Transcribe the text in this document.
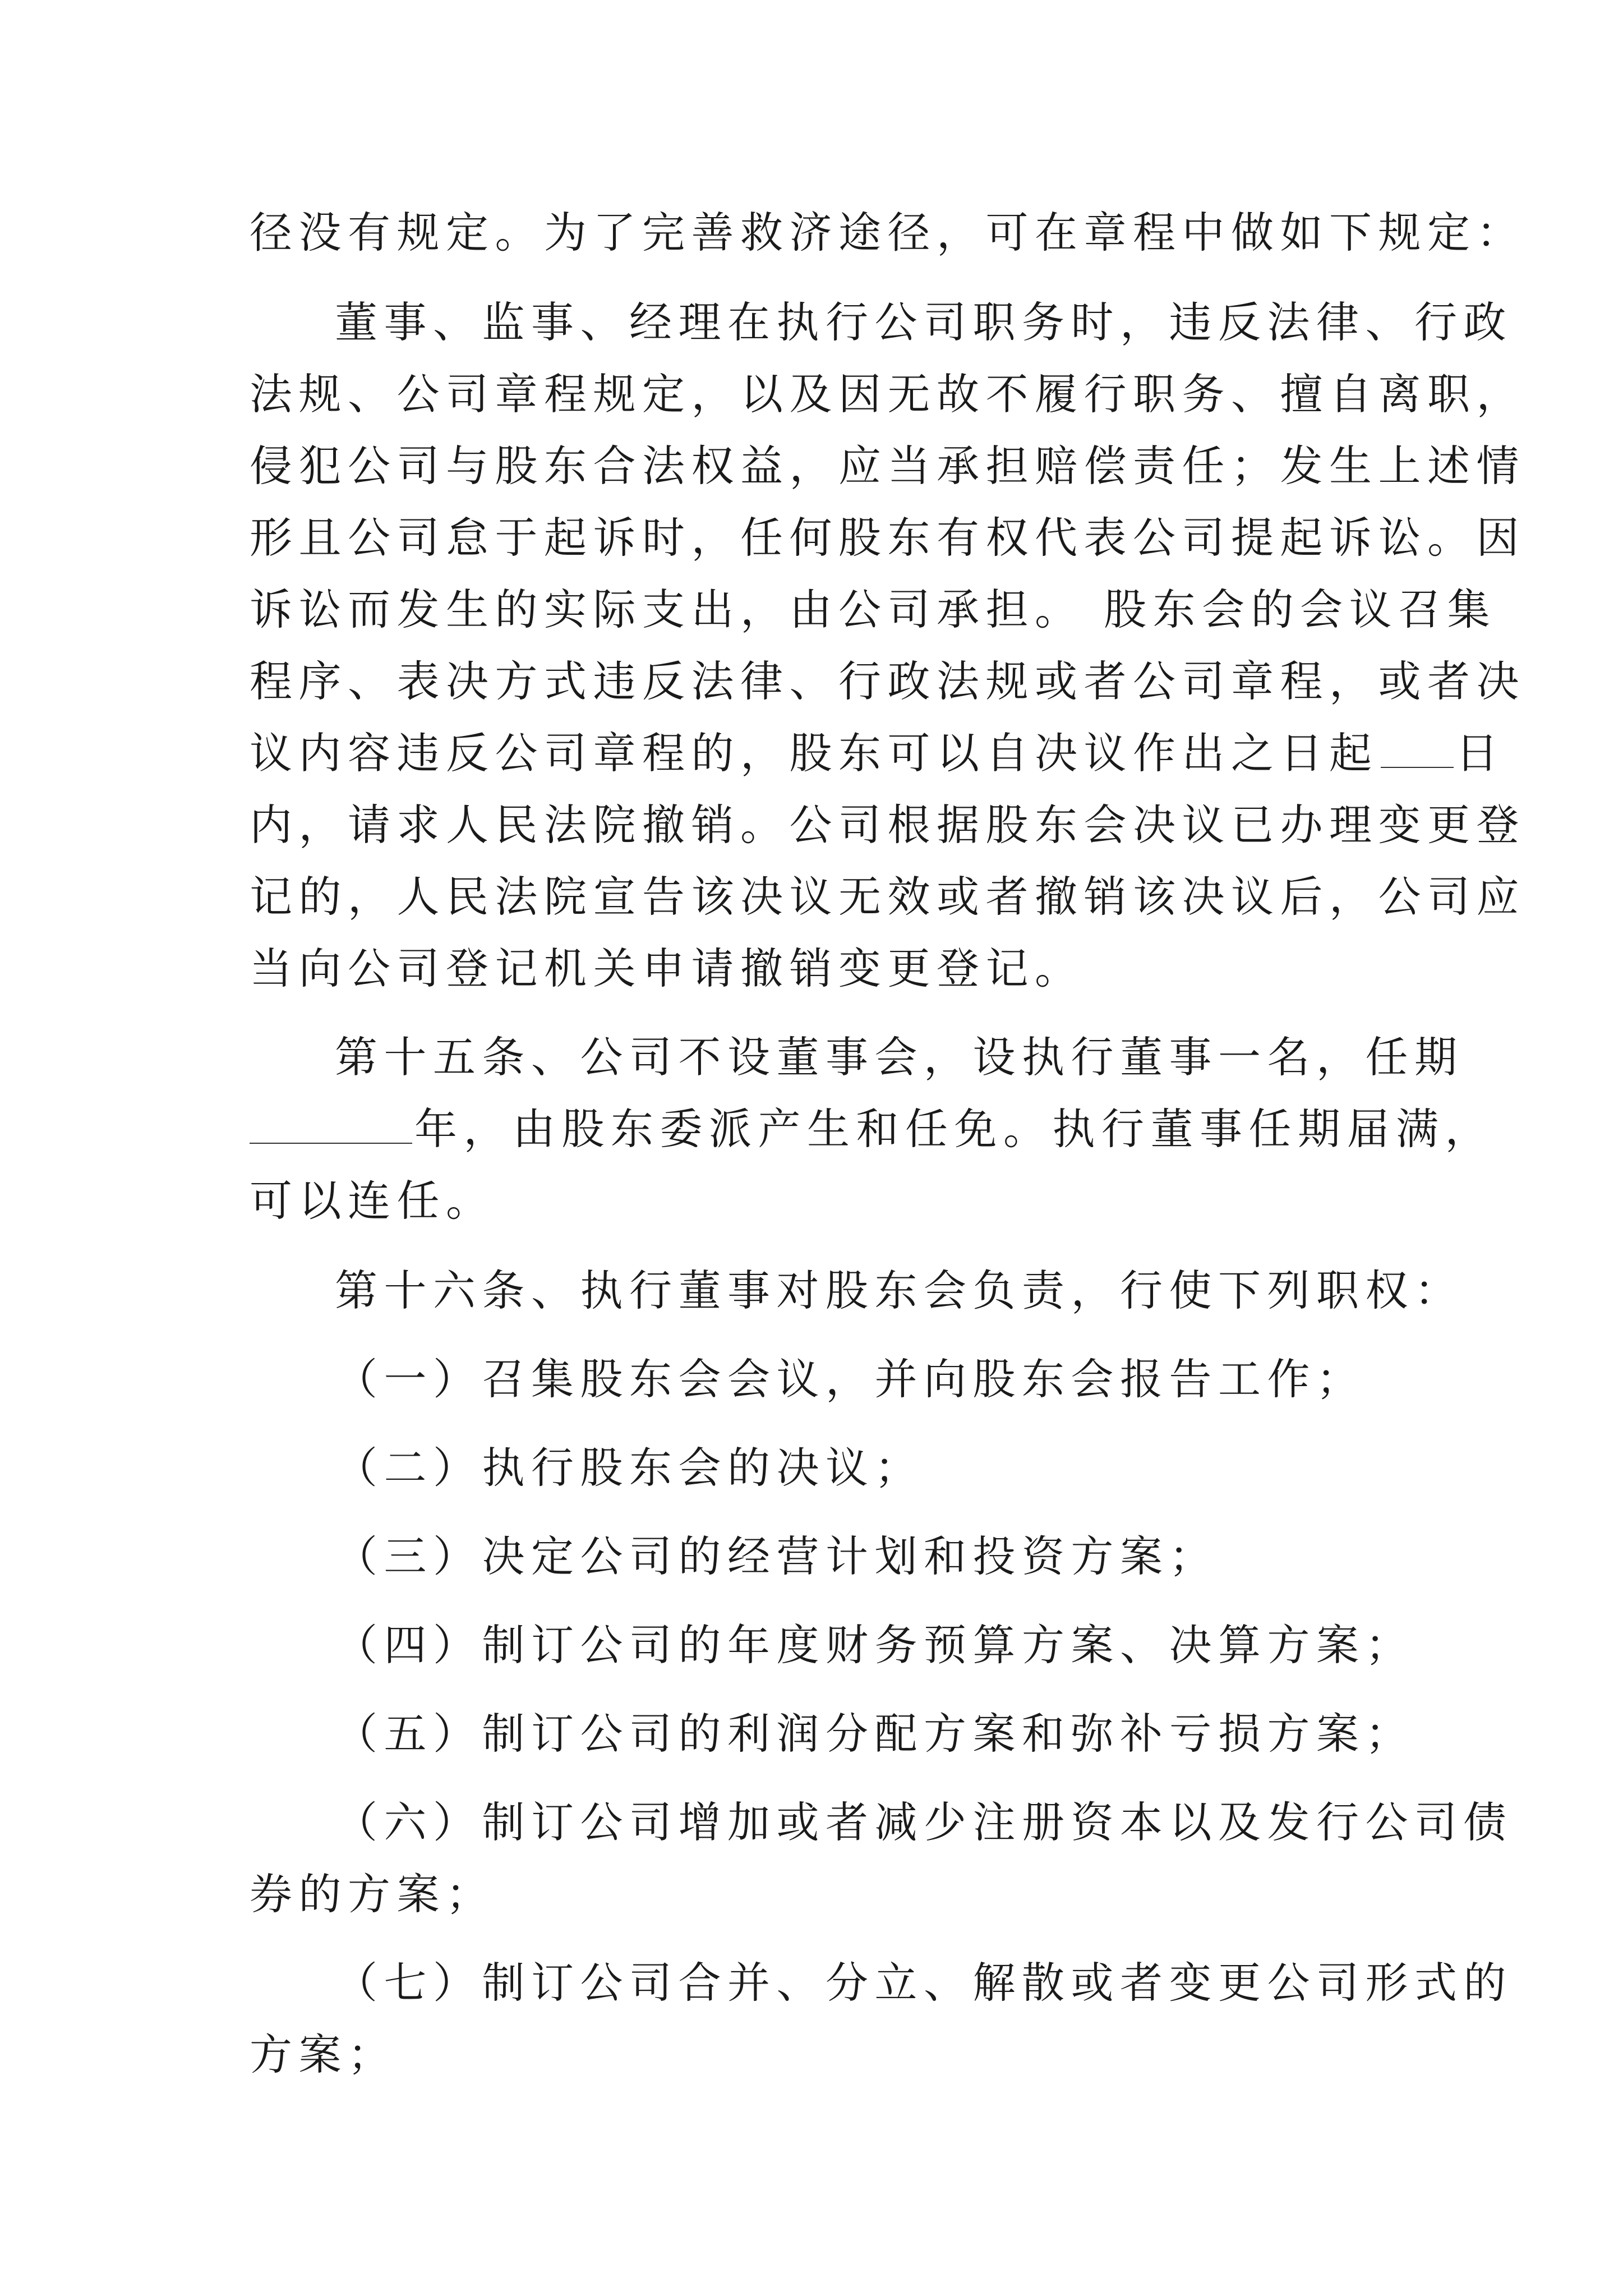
径没有规定。为了完善救济途径，可在章程中做如下规定：
董事、监事、经理在执行公司职务时，违反法律、行政
法规、公司章程规定，以及因无故不履行职务、擅自离职，
侵犯公司与股东合法权益，应当承担赔偿责任；发生上述情
形且公司怠于起诉时，任何股东有权代表公司提起诉讼。因
诉讼而发生的实际支出，由公司承担。 股东会的会议召集
程序、表决方式违反法律、行政法规或者公司章程，或者决
议内容违反公司章程的，股东可以自决议作出之日起 日
内，请求人民法院撤销。公司根据股东会决议已办理变更登
记的，人民法院宣告该决议无效或者撤销该决议后，公司应
当向公司登记机关申请撤销变更登记。
第十五条、公司不设董事会，设执行董事一名，任期
年，由股东委派产生和任免。执行董事任期届满，
可以连任。
第十六条、执行董事对股东会负责，行使下列职权：
（一）召集股东会会议，并向股东会报告工作；
（二）执行股东会的决议；
（三）决定公司的经营计划和投资方案；
（四）制订公司的年度财务预算方案、决算方案；
（五）制订公司的利润分配方案和弥补亏损方案；
（六）制订公司增加或者减少注册资本以及发行公司债
券的方案；
（七）制订公司合并、分立、解散或者变更公司形式的
方案；
